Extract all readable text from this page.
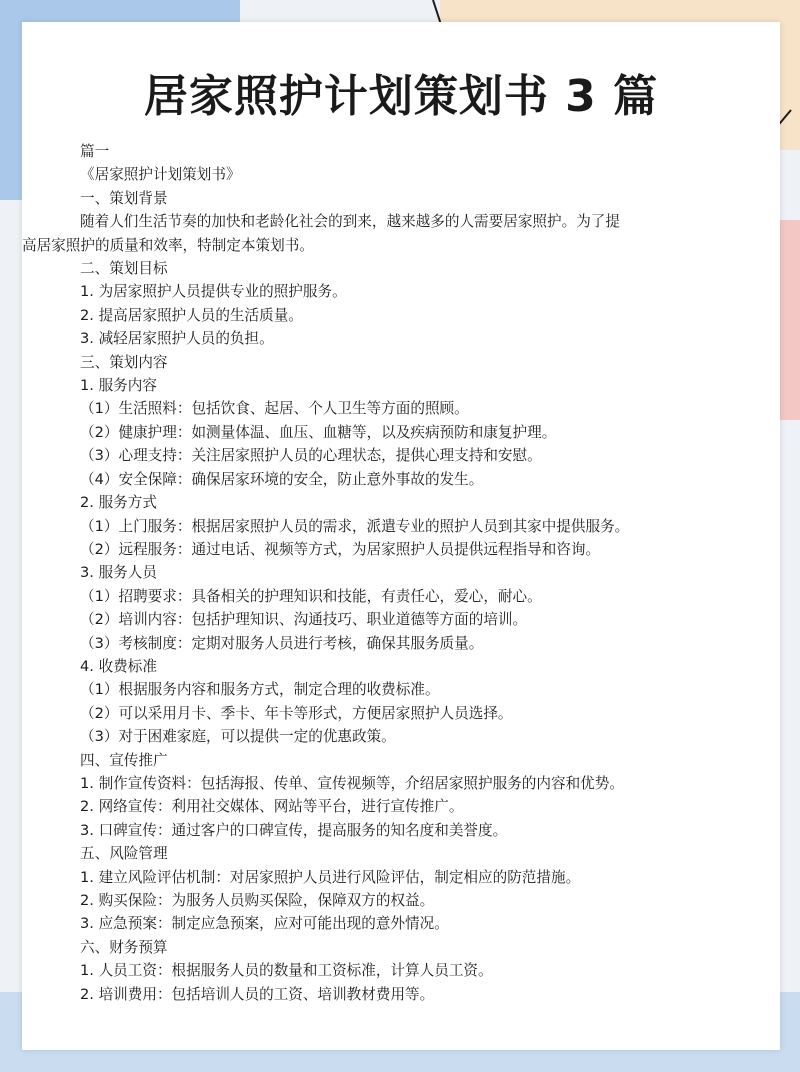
居家照护计划策划书 3 篇
篇一
《居家照护计划策划书》
一、策划背景
随着人们生活节奏的加快和老龄化社会的到来，越来越多的人需要居家照护。为了提
高居家照护的质量和效率，特制定本策划书。
二、策划目标
1. 为居家照护人员提供专业的照护服务。
2. 提高居家照护人员的生活质量。
3. 减轻居家照护人员的负担。
三、策划内容
1. 服务内容
（1）生活照料：包括饮食、起居、个人卫生等方面的照顾。
（2）健康护理：如测量体温、血压、血糖等，以及疾病预防和康复护理。
（3）心理支持：关注居家照护人员的心理状态，提供心理支持和安慰。
（4）安全保障：确保居家环境的安全，防止意外事故的发生。
2. 服务方式
（1）上门服务：根据居家照护人员的需求，派遣专业的照护人员到其家中提供服务。
（2）远程服务：通过电话、视频等方式，为居家照护人员提供远程指导和咨询。
3. 服务人员
（1）招聘要求：具备相关的护理知识和技能，有责任心，爱心，耐心。
（2）培训内容：包括护理知识、沟通技巧、职业道德等方面的培训。
（3）考核制度：定期对服务人员进行考核，确保其服务质量。
4. 收费标准
（1）根据服务内容和服务方式，制定合理的收费标准。
（2）可以采用月卡、季卡、年卡等形式，方便居家照护人员选择。
（3）对于困难家庭，可以提供一定的优惠政策。
四、宣传推广
1. 制作宣传资料：包括海报、传单、宣传视频等，介绍居家照护服务的内容和优势。
2. 网络宣传：利用社交媒体、网站等平台，进行宣传推广。
3. 口碑宣传：通过客户的口碑宣传，提高服务的知名度和美誉度。
五、风险管理
1. 建立风险评估机制：对居家照护人员进行风险评估，制定相应的防范措施。
2. 购买保险：为服务人员购买保险，保障双方的权益。
3. 应急预案：制定应急预案，应对可能出现的意外情况。
六、财务预算
1. 人员工资：根据服务人员的数量和工资标准，计算人员工资。
2. 培训费用：包括培训人员的工资、培训教材费用等。
